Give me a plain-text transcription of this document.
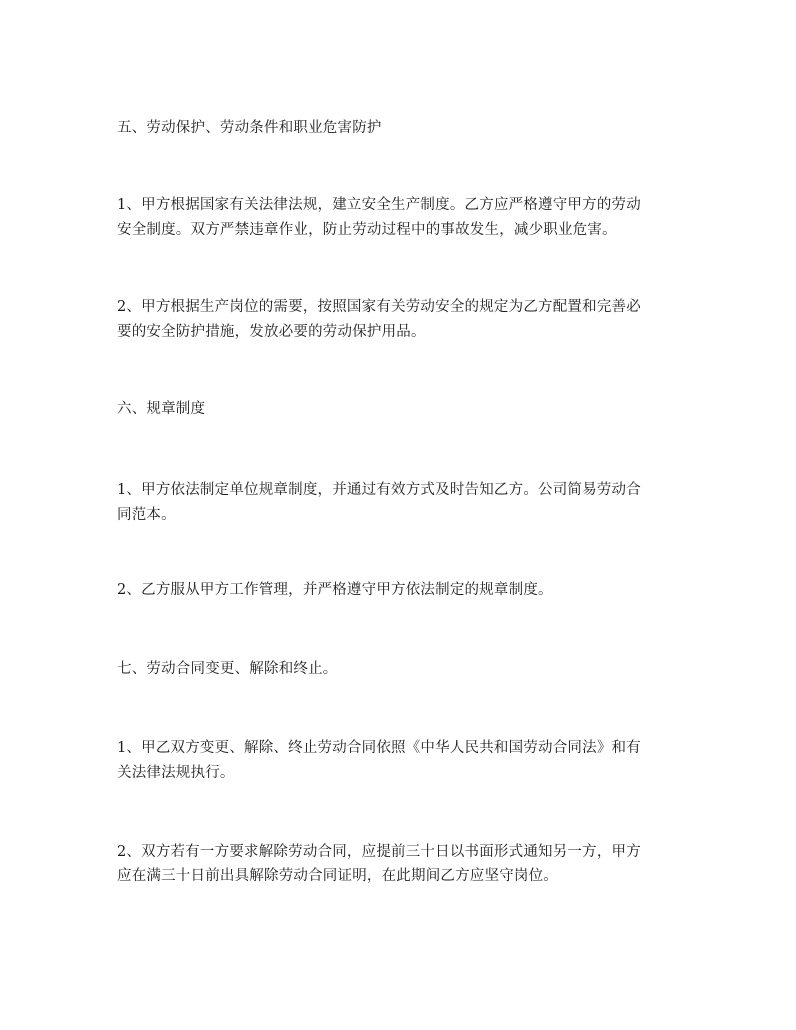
五、劳动保护、劳动条件和职业危害防护
1、甲方根据国家有关法律法规，建立安全生产制度。乙方应严格遵守甲方的劳动
安全制度。双方严禁违章作业，防止劳动过程中的事故发生，减少职业危害。
2、甲方根据生产岗位的需要，按照国家有关劳动安全的规定为乙方配置和完善必
要的安全防护措施，发放必要的劳动保护用品。
六、规章制度
1、甲方依法制定单位规章制度，并通过有效方式及时告知乙方。公司简易劳动合
同范本。
2、乙方服从甲方工作管理，并严格遵守甲方依法制定的规章制度。
七、劳动合同变更、解除和终止。
1、甲乙双方变更、解除、终止劳动合同依照《中华人民共和国劳动合同法》和有
关法律法规执行。
2、双方若有一方要求解除劳动合同，应提前三十日以书面形式通知另一方，甲方
应在满三十日前出具解除劳动合同证明，在此期间乙方应坚守岗位。
